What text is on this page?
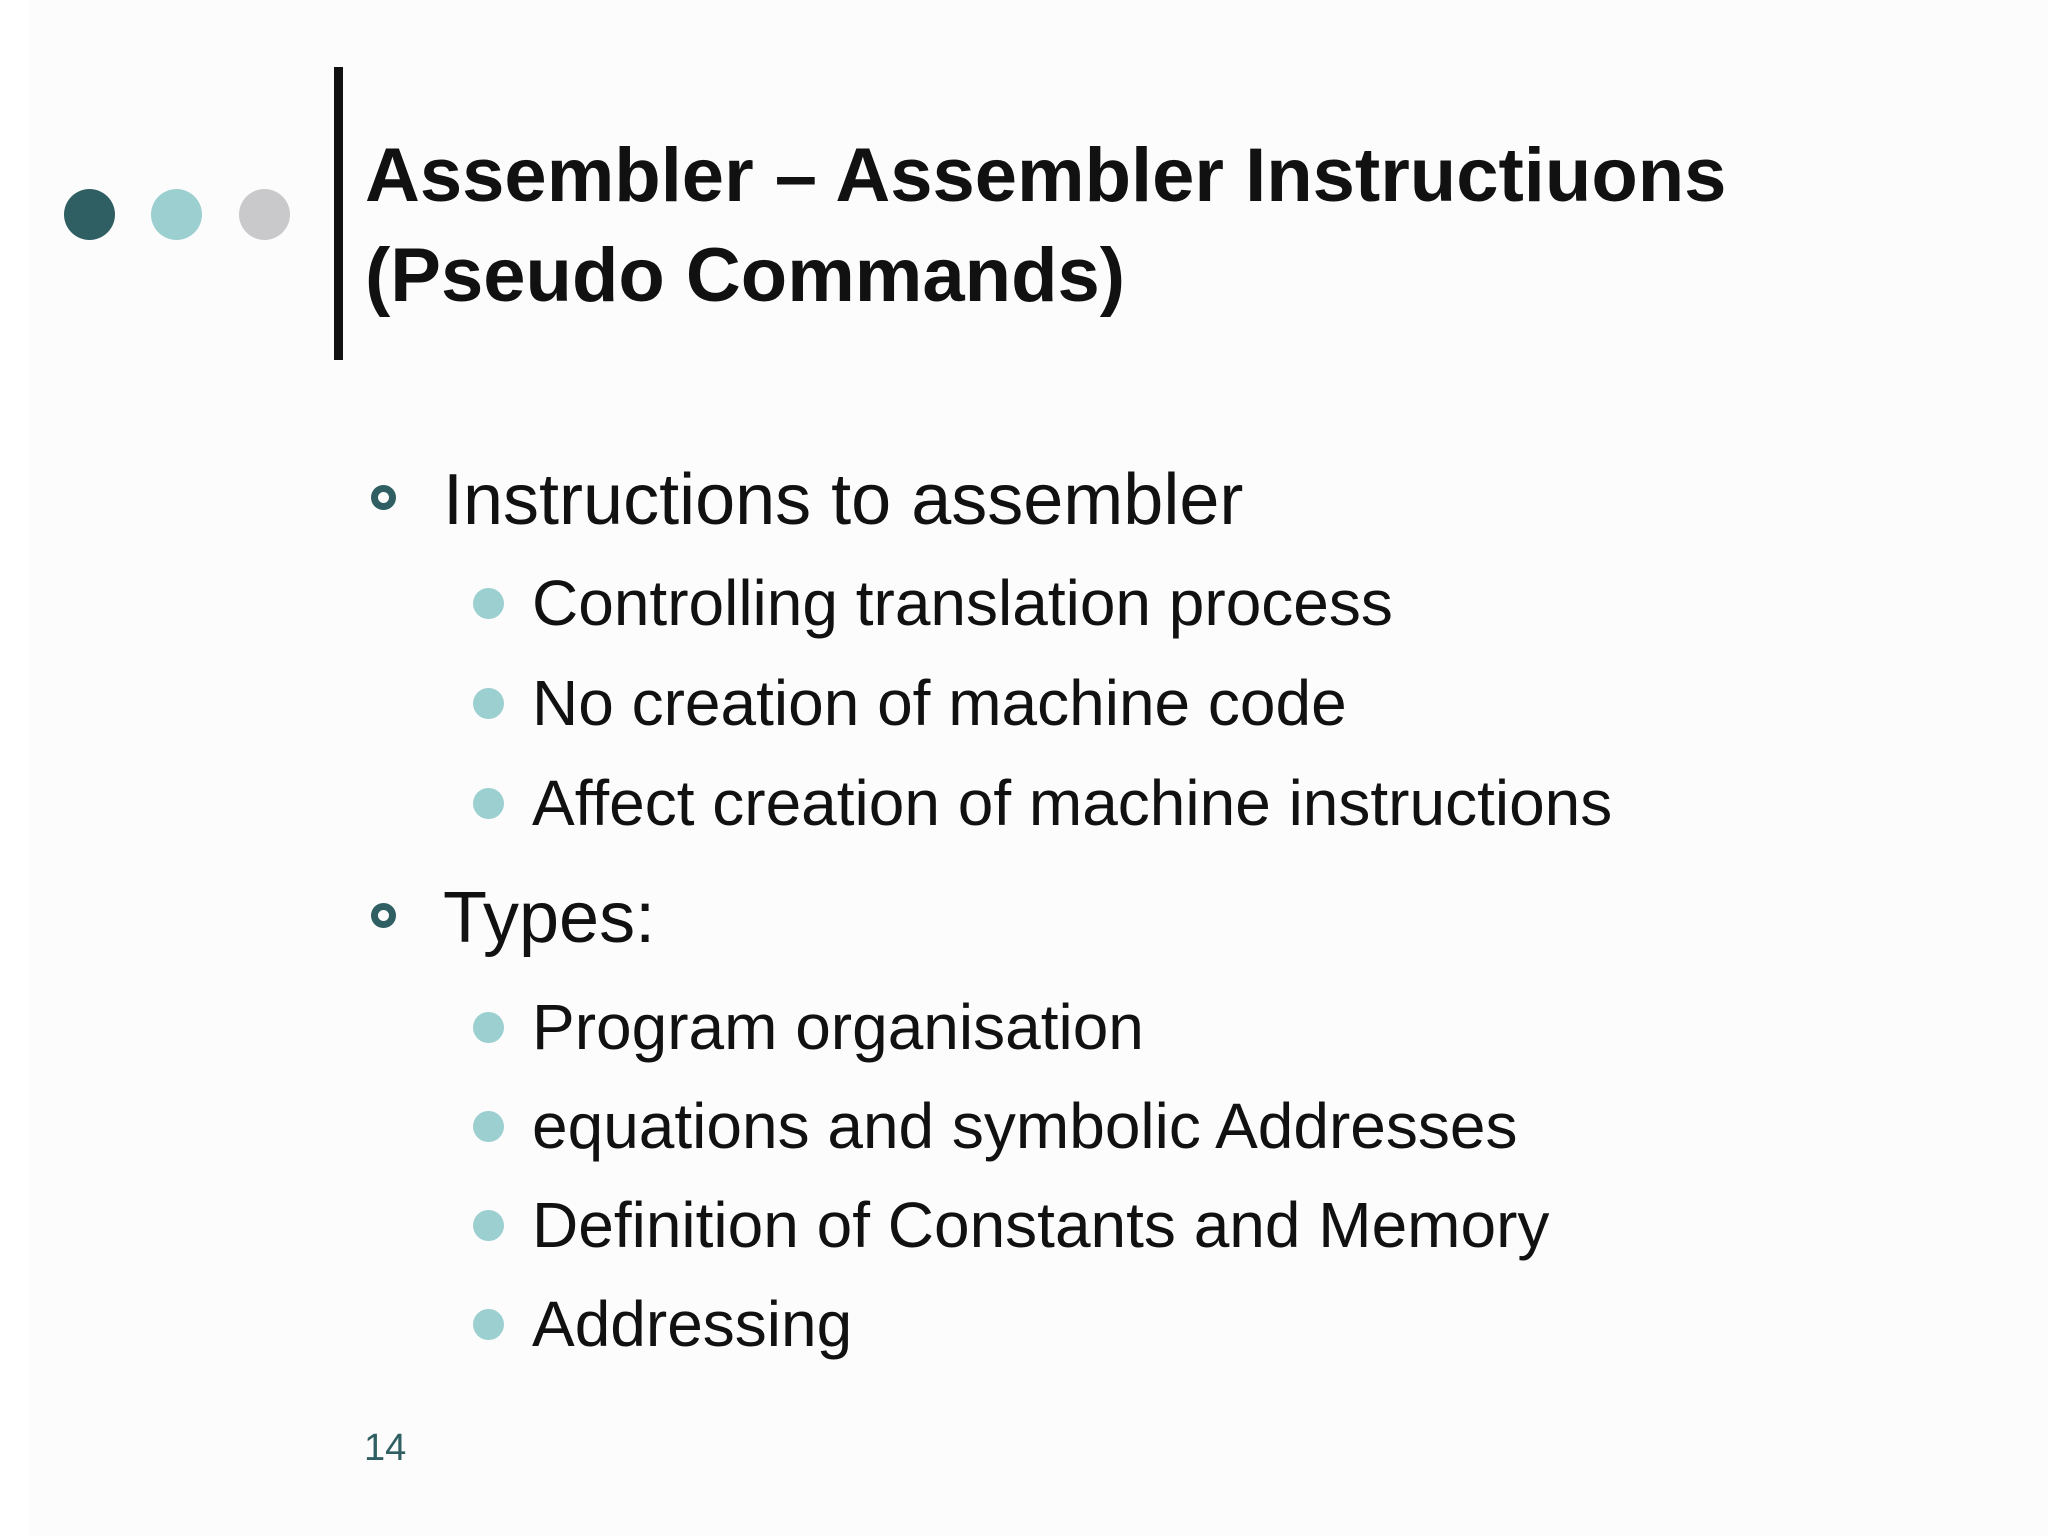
Assembler – Assembler Instructiuons
(Pseudo Commands)
Instructions to assembler
Controlling translation process
No creation of machine code
Affect creation of machine instructions
Types:
Program organisation
equations and symbolic Addresses
Definition of Constants and Memory
Addressing
14
